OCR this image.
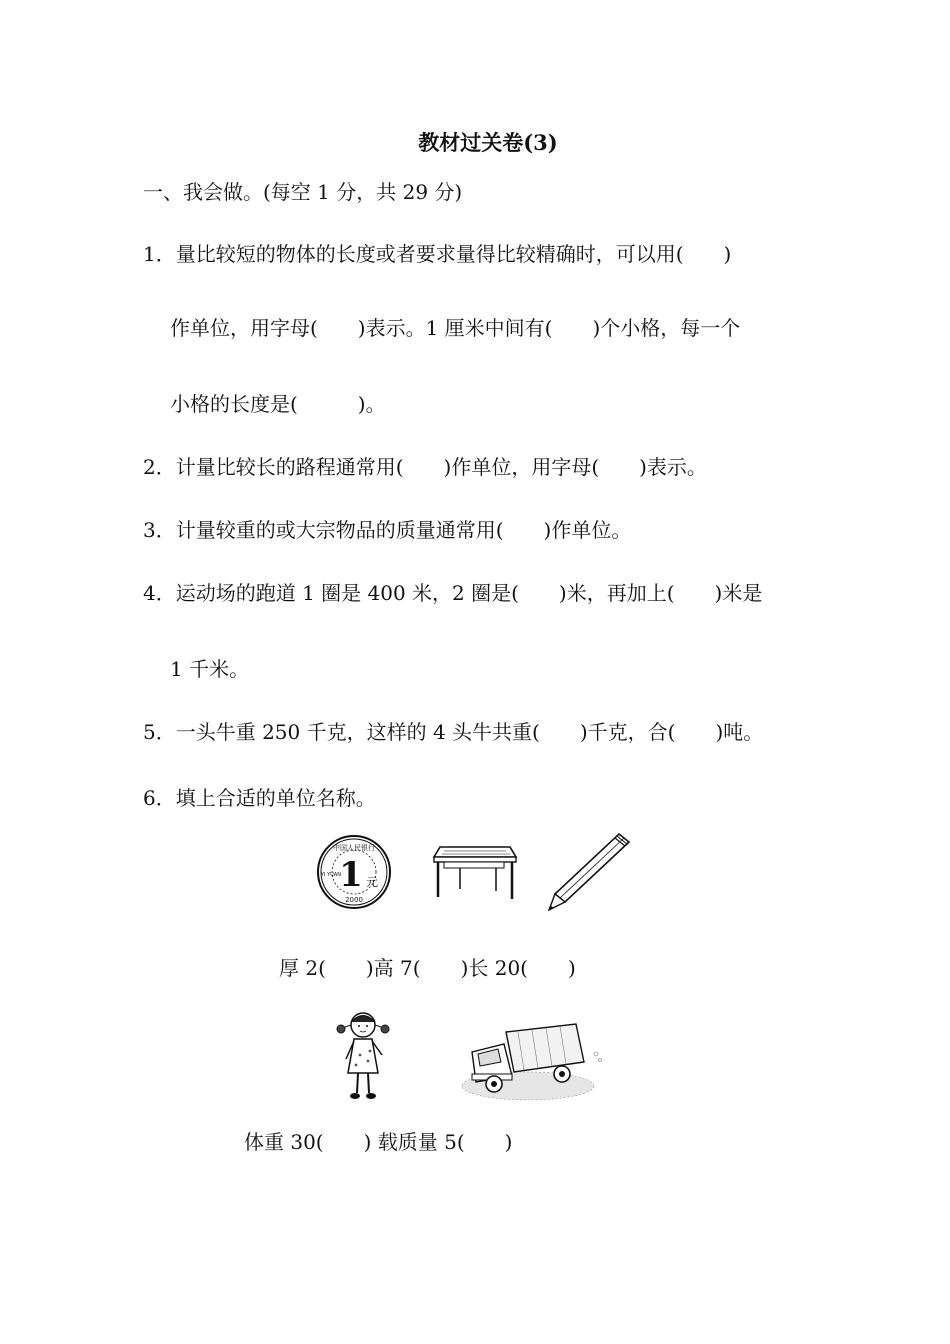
教材过关卷(3)
一、我会做。(每空 1 分，共 29 分)
1．量比较短的物体的长度或者要求量得比较精确时，可以用(　　)
作单位，用字母(　　)表示。1 厘米中间有(　　)个小格，每一个
小格的长度是(　　　)。
2．计量比较长的路程通常用(　　)作单位，用字母(　　)表示。
3．计量较重的或大宗物品的质量通常用(　　)作单位。
4．运动场的跑道 1 圈是 400 米，2 圈是(　　)米，再加上(　　)米是
1 千米。
5．一头牛重 250 千克，这样的 4 头牛共重(　　)千克，合(　　)吨。
6．填上合适的单位名称。
中国人民银行
1 元
YI YUAN
2000
厚 2(　　)高 7(　　)长 20(　　)
体重 30(　　) 载质量 5(　　)
